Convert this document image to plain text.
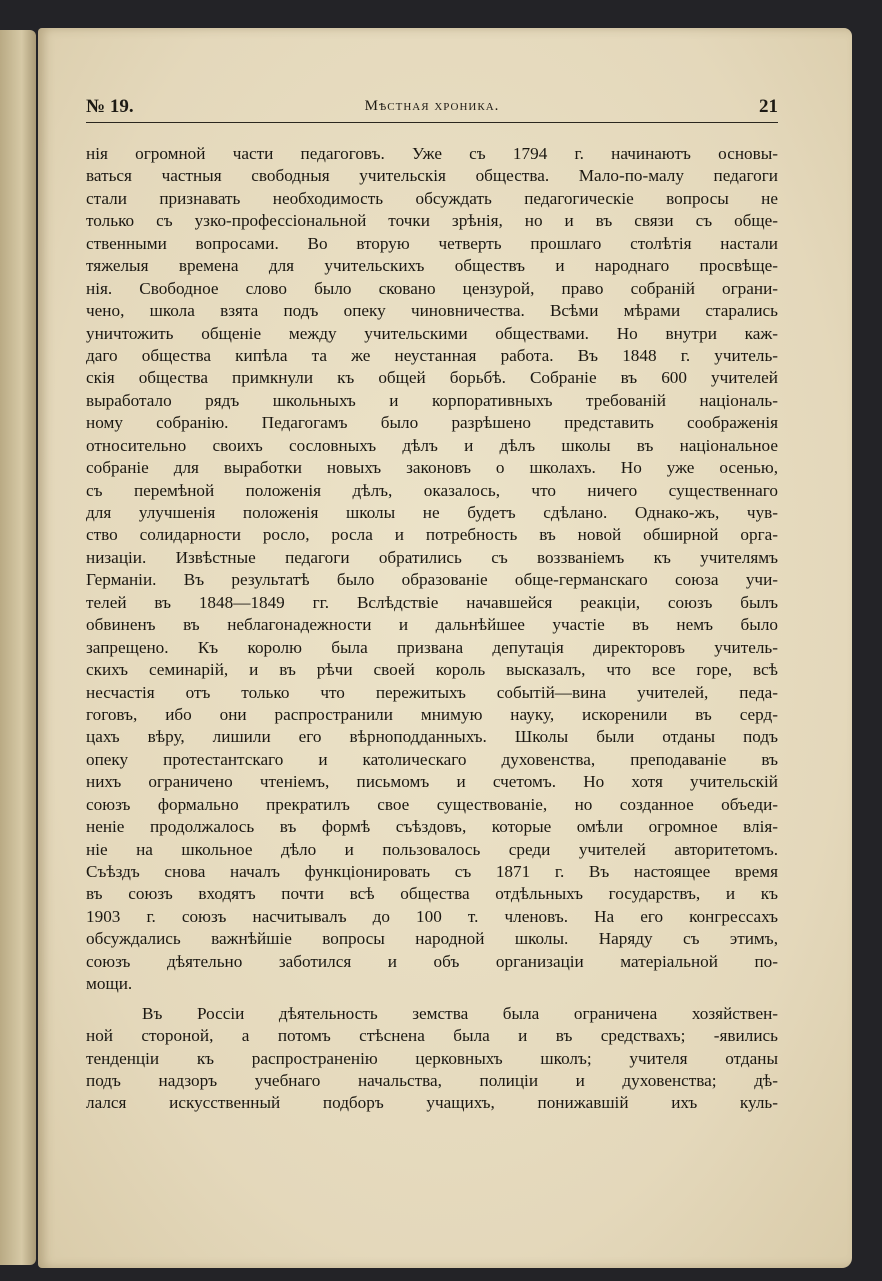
№ 19.	Мѣстная хроника.	21
нія огромной части педагоговъ. Уже съ 1794 г. начинаютъ основы-
ваться частныя свободныя учительскія общества. Мало-по-малу педагоги
стали признавать необходимость обсуждать педагогическіе вопросы не
только съ узко-профессіональной точки зрѣнія, но и въ связи съ обще-
ственными вопросами. Во вторую четверть прошлаго столѣтія настали
тяжелыя времена для учительскихъ обществъ и народнаго просвѣще-
нія. Свободное слово было сковано цензурой, право собраній ограни-
чено, школа взята подъ опеку чиновничества. Всѣми мѣрами старались
уничтожить общеніе между учительскими обществами. Но внутри каж-
даго общества кипѣла та же неустанная работа. Въ 1848 г. учитель-
скія общества примкнули къ общей борьбѣ. Собраніе въ 600 учителей
выработало рядъ школьныхъ и корпоративныхъ требованій національ-
ному собранію. Педагогамъ было разрѣшено представить соображенія
относительно своихъ сословныхъ дѣлъ и дѣлъ школы въ національное
собраніе для выработки новыхъ законовъ о школахъ. Но уже осенью,
съ перемѣной положенія дѣлъ, оказалось, что ничего существеннаго
для улучшенія положенія школы не будетъ сдѣлано. Однако-жъ, чув-
ство солидарности росло, росла и потребность въ новой обширной орга-
низаціи. Извѣстные педагоги обратились съ воззваніемъ къ учителямъ
Германіи. Въ результатѣ было образованіе обще-германскаго союза учи-
телей въ 1848—1849 гг. Вслѣдствіе начавшейся реакціи, союзъ былъ
обвиненъ въ неблагонадежности и дальнѣйшее участіе въ немъ было
запрещено. Къ королю была призвана депутація директоровъ учитель-
скихъ семинарій, и въ рѣчи своей король высказалъ, что все горе, всѣ
несчастія отъ только что пережитыхъ событій—вина учителей, педа-
гоговъ, ибо они распространили мнимую науку, искоренили въ серд-
цахъ вѣру, лишили его вѣрноподданныхъ. Школы были отданы подъ
опеку протестантскаго и католическаго духовенства, преподаваніе въ
нихъ ограничено чтеніемъ, письмомъ и счетомъ. Но хотя учительскій
союзъ формально прекратилъ свое существованіе, но созданное объеди-
неніе продолжалось въ формѣ съѣздовъ, которые омѣли огромное влія-
ніе на школьное дѣло и пользовалось среди учителей авторитетомъ.
Съѣздъ снова началъ функціонировать съ 1871 г. Въ настоящее время
въ союзъ входятъ почти всѣ общества отдѣльныхъ государствъ, и къ
1903 г. союзъ насчитывалъ до 100 т. членовъ. На его конгрессахъ
обсуждались важнѣйшіе вопросы народной школы. Наряду съ этимъ,
союзъ дѣятельно заботился и объ организаціи матеріальной по-
мощи.
Въ Россіи дѣятельность земства была ограничена хозяйствен-
ной стороной, а потомъ стѣснена была и въ средствахъ; -явились
тенденціи къ распространенію церковныхъ школъ; учителя отданы
подъ надзоръ учебнаго начальства, полиціи и духовенства; дѣ-
лался искусственный подборъ учащихъ, понижавшій ихъ куль-
